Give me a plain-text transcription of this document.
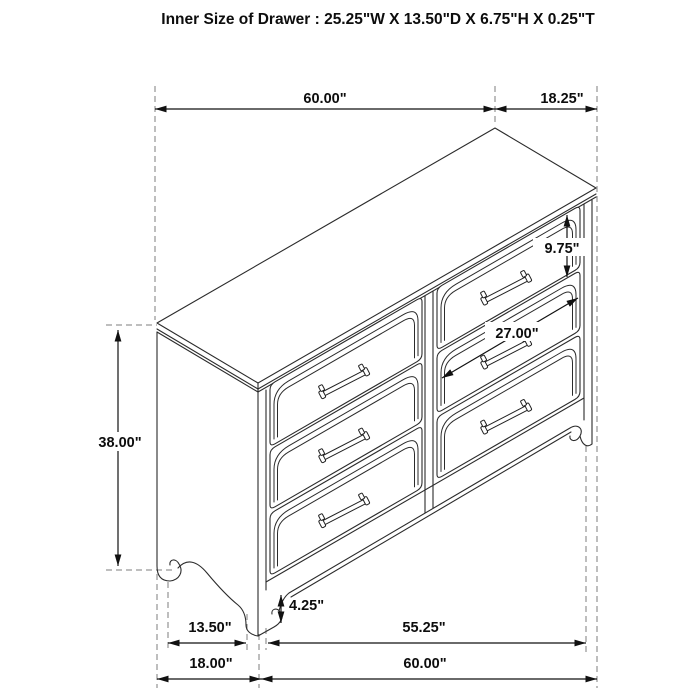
Inner Size of Drawer : 25.25"W X 13.50"D X 6.75"H X 0.25"T
60.00"	18.25"
38.00"
9.75"
27.00"
13.50"	55.25"
4.25"
18.00"	60.00"
